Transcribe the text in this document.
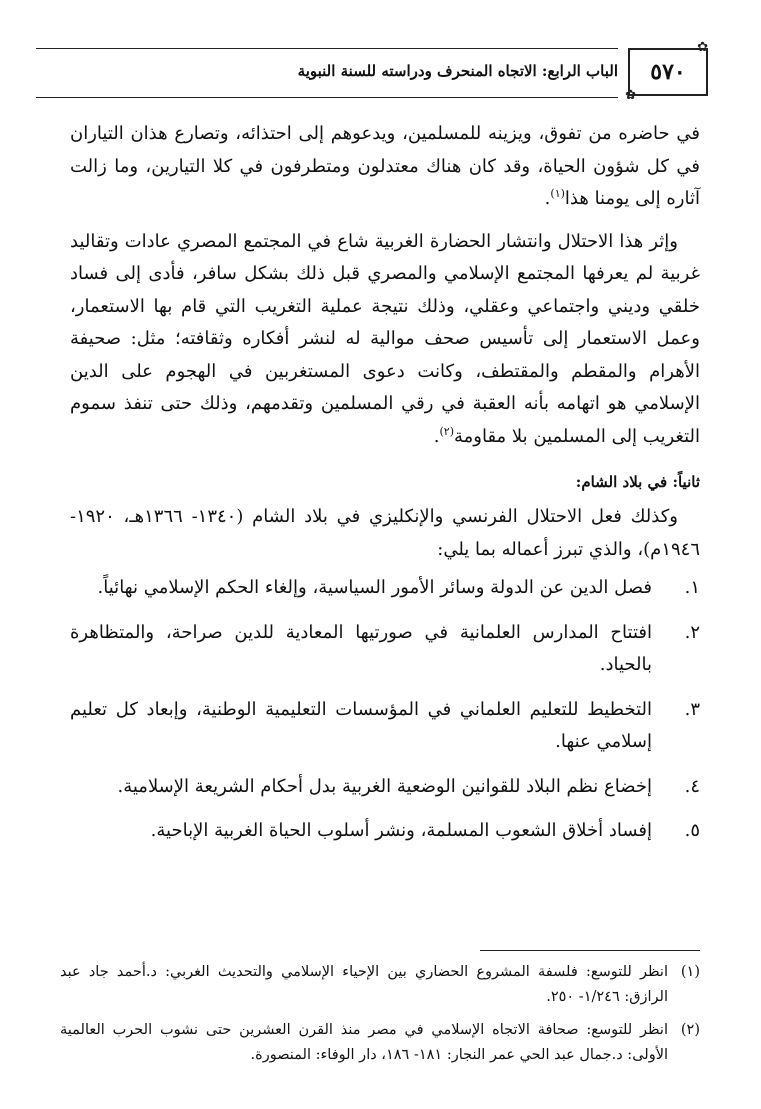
الباب الرابع: الاتجاه المنحرف ودراسته للسنة النبوية	٥٧٠
✿
✿

في حاضره من تفوق، ويزينه للمسلمين، ويدعوهم إلى احتذائه، وتصارع هذان التياران في كل شؤون الحياة، وقد كان هناك معتدلون ومتطرفون في كلا التيارين، وما زالت آثاره إلى يومنا هذا$^{(١)}$.

وإثر هذا الاحتلال وانتشار الحضارة الغربية شاع في المجتمع المصري عادات وتقاليد غربية لم يعرفها المجتمع الإسلامي والمصري قبل ذلك بشكل سافر، فأدى إلى فساد خلقي وديني واجتماعي وعقلي، وذلك نتيجة عملية التغريب التي قام بها الاستعمار، وعمل الاستعمار إلى تأسيس صحف موالية له لنشر أفكاره وثقافته؛ مثل: صحيفة الأهرام والمقطم والمقتطف، وكانت دعوى المستغربين في الهجوم على الدين الإسلامي هو اتهامه بأنه العقبة في رقي المسلمين وتقدمهم، وذلك حتى تنفذ سموم التغريب إلى المسلمين بلا مقاومة$^{(٢)}$.

ثانياً: في بلاد الشام:

وكذلك فعل الاحتلال الفرنسي والإنكليزي في بلاد الشام (١٣٤٠- ١٣٦٦هـ، ١٩٢٠- ١٩٤٦م)، والذي تبرز أعماله بما يلي:

١.
فصل الدين عن الدولة وسائر الأمور السياسية، وإلغاء الحكم الإسلامي نهائياً.
٢.
افتتاح المدارس العلمانية في صورتيها المعادية للدين صراحة، والمتظاهرة بالحياد.
٣.
التخطيط للتعليم العلماني في المؤسسات التعليمية الوطنية، وإبعاد كل تعليم إسلامي عنها.
٤.
إخضاع نظم البلاد للقوانين الوضعية الغربية بدل أحكام الشريعة الإسلامية.
٥.
إفساد أخلاق الشعوب المسلمة، ونشر أسلوب الحياة الغربية الإباحية.
(١)
انظر للتوسع: فلسفة المشروع الحضاري بين الإحياء الإسلامي والتحديث الغربي: د.أحمد جاد عبد الرازق: ١/٢٤٦- ٢٥٠.
(٢)
انظر للتوسع: صحافة الاتجاه الإسلامي في مصر منذ القرن العشرين حتى نشوب الحرب العالمية الأولى: د.جمال عبد الحي عمر النجار: ١٨١- ١٨٦، دار الوفاء: المنصورة.
